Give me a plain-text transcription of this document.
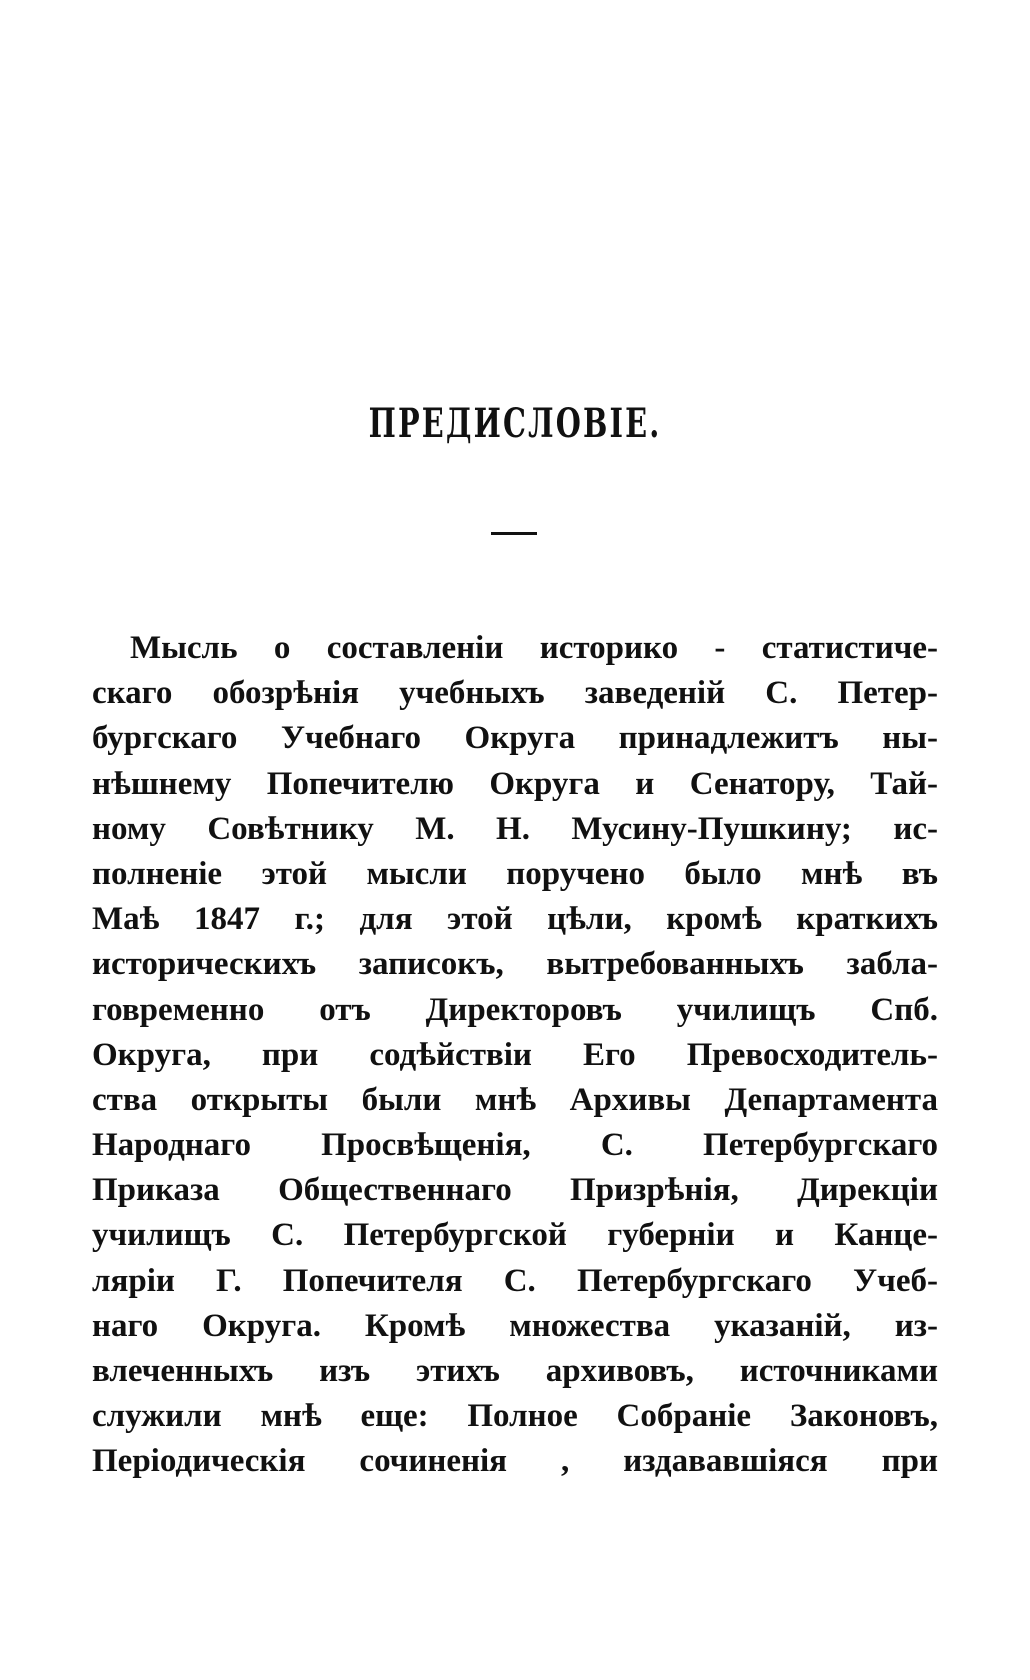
ПРЕДИСЛОВІЕ.
Мысль о составленіи историко - статистиче-
скаго обозрѣнія учебныхъ заведеній С. Петер-
бургскаго Учебнаго Округа принадлежитъ ны-
нѣшнему Попечителю Округа и Сенатору, Тай-
ному Совѣтнику М. Н. Мусину-Пушкину; ис-
полненіе этой мысли поручено было мнѣ въ
Маѣ 1847 г.; для этой цѣли, кромѣ краткихъ
историческихъ записокъ, вытребованныхъ забла-
говременно отъ Директоровъ училищъ Спб.
Округа, при содѣйствіи Его Превосходитель-
ства открыты были мнѣ Архивы Департамента
Народнаго Просвѣщенія, С. Петербургскаго
Приказа Общественнаго Призрѣнія, Дирекціи
училищъ С. Петербургской губерніи и Канце-
ляріи Г. Попечителя С. Петербургскаго Учеб-
наго Округа. Кромѣ множества указаній, из-
влеченныхъ изъ этихъ архивовъ, источниками
служили мнѣ еще: Полное Собраніе Законовъ,
Періодическія сочиненія , издававшіяся при
